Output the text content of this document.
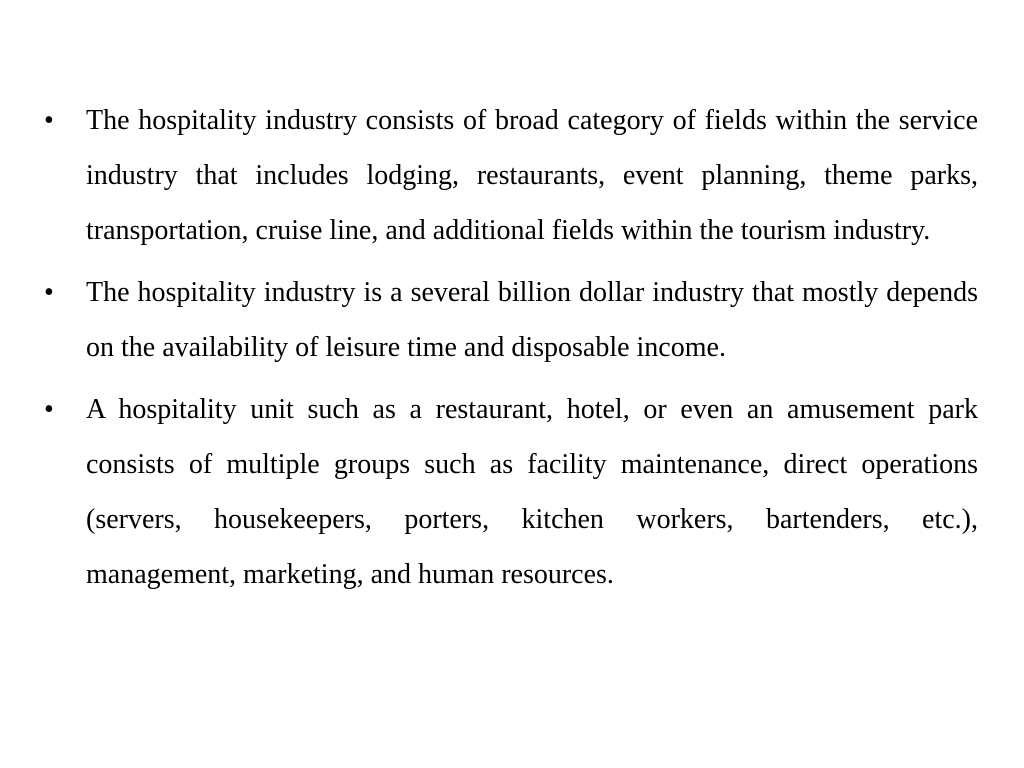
•	The hospitality industry consists of broad category of fields within the service industry that includes lodging, restaurants, event planning, theme parks, transportation, cruise line, and additional fields within the tourism industry.
•	The hospitality industry is a several billion dollar industry that mostly depends on the availability of leisure time and disposable income.
•	A hospitality unit such as a restaurant, hotel, or even an amusement park consists of multiple groups such as facility maintenance, direct operations (servers, housekeepers, porters, kitchen workers, bartenders, etc.), management, marketing, and human resources.
